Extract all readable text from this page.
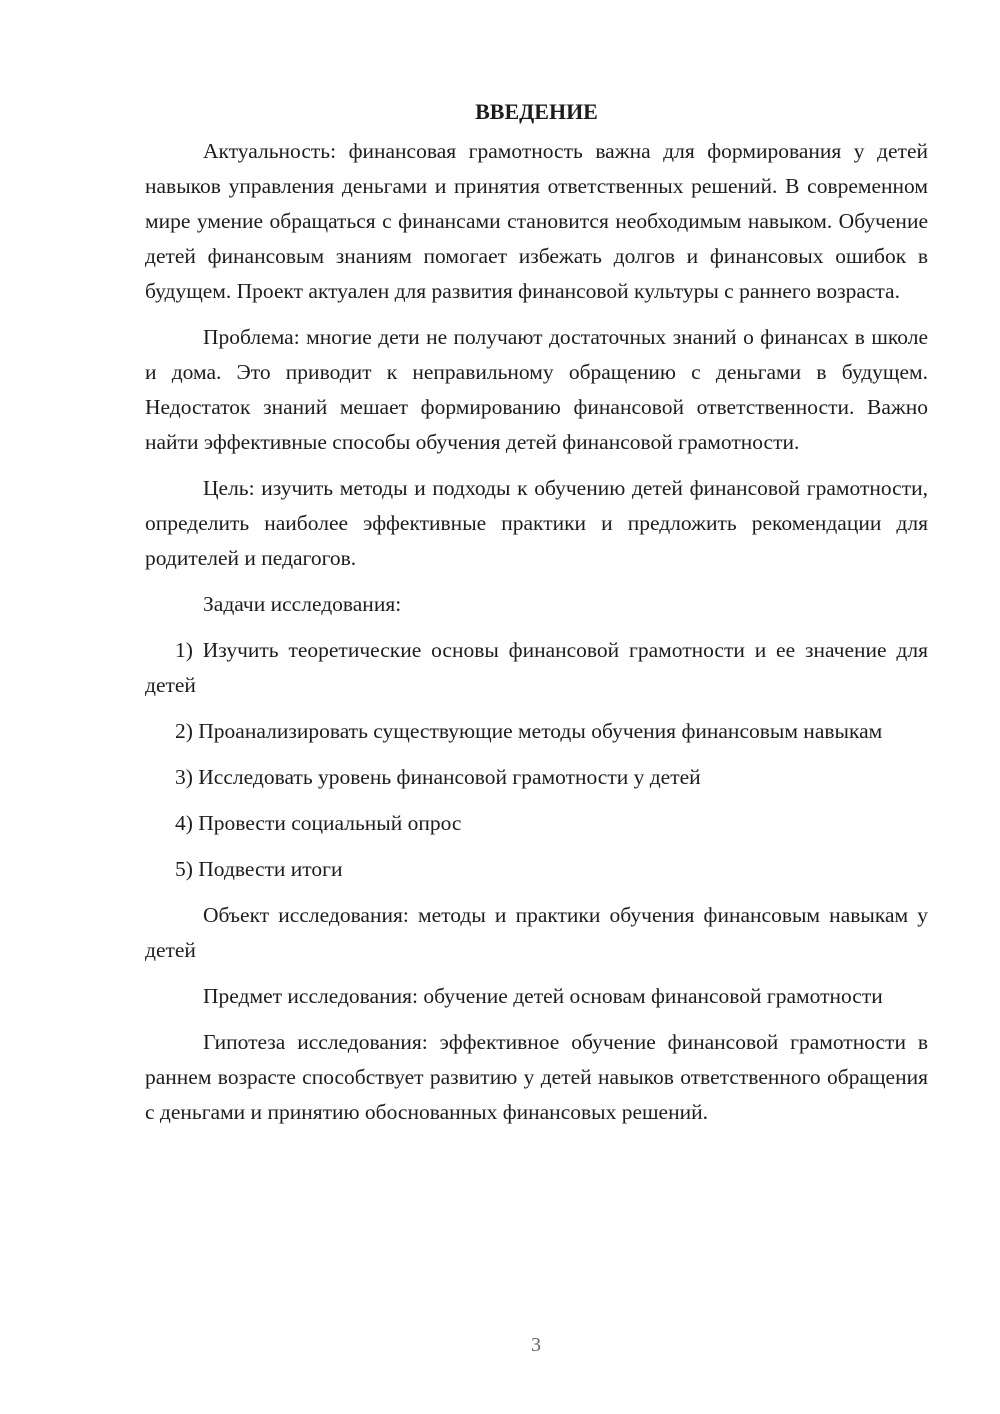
ВВЕДЕНИЕ

Актуальность: финансовая грамотность важна для формирования у детей навыков управления деньгами и принятия ответственных решений. В современном мире умение обращаться с финансами становится необходимым навыком. Обучение детей финансовым знаниям помогает избежать долгов и финансовых ошибок в будущем. Проект актуален для развития финансовой культуры с раннего возраста.

Проблема: многие дети не получают достаточных знаний о финансах в школе и дома. Это приводит к неправильному обращению с деньгами в будущем. Недостаток знаний мешает формированию финансовой ответственности. Важно найти эффективные способы обучения детей финансовой грамотности.

Цель: изучить методы и подходы к обучению детей финансовой грамотности, определить наиболее эффективные практики и предложить рекомендации для родителей и педагогов.

Задачи исследования:

1) Изучить теоретические основы финансовой грамотности и ее значение для детей

2) Проанализировать существующие методы обучения финансовым навыкам

3) Исследовать уровень финансовой грамотности у детей

4) Провести социальный опрос

5) Подвести итоги

Объект исследования: методы и практики обучения финансовым навыкам у детей

Предмет исследования: обучение детей основам финансовой грамотности

Гипотеза исследования: эффективное обучение финансовой грамотности в раннем возрасте способствует развитию у детей навыков ответственного обращения с деньгами и принятию обоснованных финансовых решений.

3
